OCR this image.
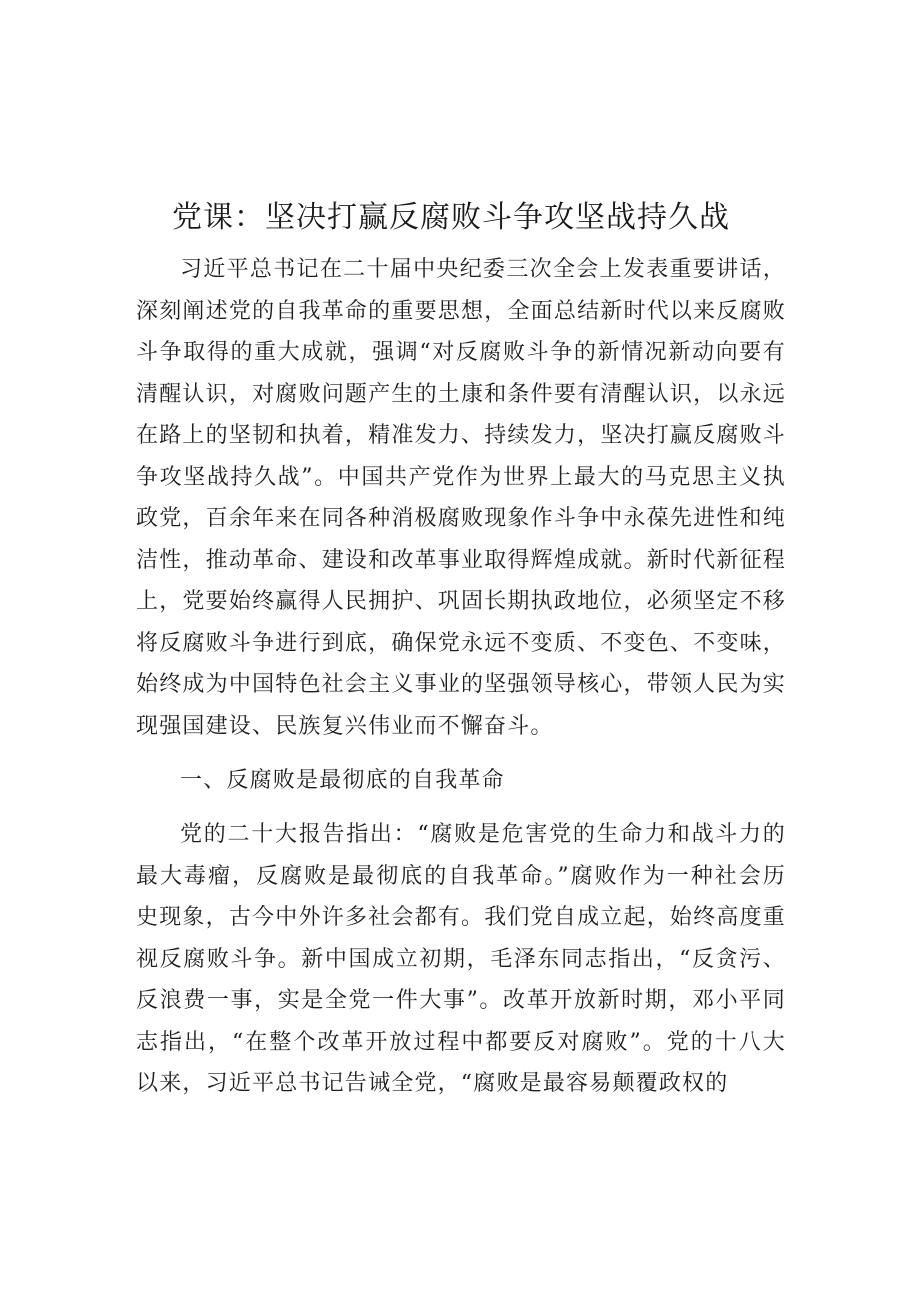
党课：坚决打赢反腐败斗争攻坚战持久战

习近平总书记在二十届中央纪委三次全会上发表重要讲话，深刻阐述党的自我革命的重要思想，全面总结新时代以来反腐败斗争取得的重大成就，强调“对反腐败斗争的新情况新动向要有清醒认识，对腐败问题产生的土康和条件要有清醒认识，以永远在路上的坚韧和执着，精准发力、持续发力，坚决打赢反腐败斗争攻坚战持久战”。中国共产党作为世界上最大的马克思主义执政党，百余年来在同各种消极腐败现象作斗争中永葆先进性和纯洁性，推动革命、建设和改革事业取得辉煌成就。新时代新征程上，党要始终赢得人民拥护、巩固长期执政地位，必须坚定不移将反腐败斗争进行到底，确保党永远不变质、不变色、不变味，始终成为中国特色社会主义事业的坚强领导核心，带领人民为实现强国建设、民族复兴伟业而不懈奋斗。

一、反腐败是最彻底的自我革命

党的二十大报告指出：“腐败是危害党的生命力和战斗力的最大毒瘤，反腐败是最彻底的自我革命。”腐败作为一种社会历史现象，古今中外许多社会都有。我们党自成立起，始终高度重视反腐败斗争。新中国成立初期，毛泽东同志指出，“反贪污、反浪费一事，实是全党一件大事”。改革开放新时期，邓小平同志指出，“在整个改革开放过程中都要反对腐败”。党的十八大以来，习近平总书记告诫全党，“腐败是最容易颠覆政权的
